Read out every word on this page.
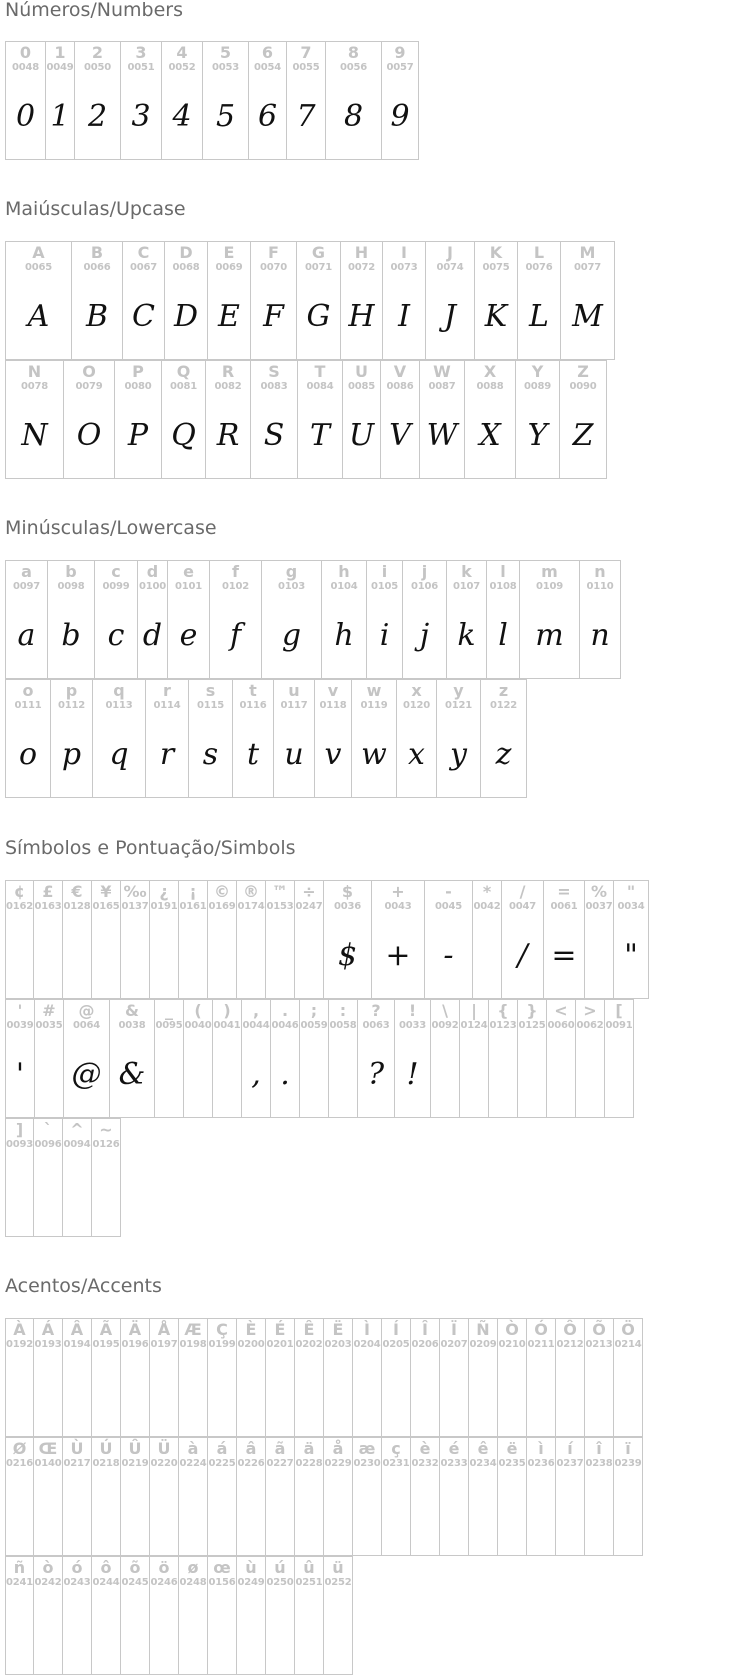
Números/Numbers
0
0048
0
1
0049
1
2
0050
2
3
0051
3
4
0052
4
5
0053
5
6
0054
6
7
0055
7
8
0056
8
9
0057
9
Maiúsculas/Upcase
A
0065
A
B
0066
B
C
0067
C
D
0068
D
E
0069
E
F
0070
F
G
0071
G
H
0072
H
I
0073
I
J
0074
J
K
0075
K
L
0076
L
M
0077
M
N
0078
N
O
0079
O
P
0080
P
Q
0081
Q
R
0082
R
S
0083
S
T
0084
T
U
0085
U
V
0086
V
W
0087
W
X
0088
X
Y
0089
Y
Z
0090
Z
Minúsculas/Lowercase
a
0097
a
b
0098
b
c
0099
c
d
0100
d
e
0101
e
f
0102
f
g
0103
g
h
0104
h
i
0105
i
j
0106
j
k
0107
k
l
0108
l
m
0109
m
n
0110
n
o
0111
o
p
0112
p
q
0113
q
r
0114
r
s
0115
s
t
0116
t
u
0117
u
v
0118
v
w
0119
w
x
0120
x
y
0121
y
z
0122
z
Símbolos e Pontuação/Simbols
¢
0162
£
0163
€
0128
¥
0165
‰
0137
¿
0191
¡
0161
©
0169
®
0174
™
0153
÷
0247
$
0036
$
+
0043
+
-
0045
-
*
0042
/
0047
/
=
0061
=
%
0037
"
0034
"
'
0039
'
#
0035
@
0064
@
&
0038
&
_
0095
(
0040
)
0041
,
0044
,
.
0046
.
;
0059
:
0058
?
0063
?
!
0033
!
\
0092
|
0124
{
0123
}
0125
<
0060
>
0062
[
0091
]
0093
`
0096
^
0094
~
0126
Acentos/Accents
À
0192
Á
0193
Â
0194
Ã
0195
Ä
0196
Å
0197
Æ
0198
Ç
0199
È
0200
É
0201
Ê
0202
Ë
0203
Ì
0204
Í
0205
Î
0206
Ï
0207
Ñ
0209
Ò
0210
Ó
0211
Ô
0212
Õ
0213
Ö
0214
Ø
0216
Œ
0140
Ù
0217
Ú
0218
Û
0219
Ü
0220
à
0224
á
0225
â
0226
ã
0227
ä
0228
å
0229
æ
0230
ç
0231
è
0232
é
0233
ê
0234
ë
0235
ì
0236
í
0237
î
0238
ï
0239
ñ
0241
ò
0242
ó
0243
ô
0244
õ
0245
ö
0246
ø
0248
œ
0156
ù
0249
ú
0250
û
0251
ü
0252
